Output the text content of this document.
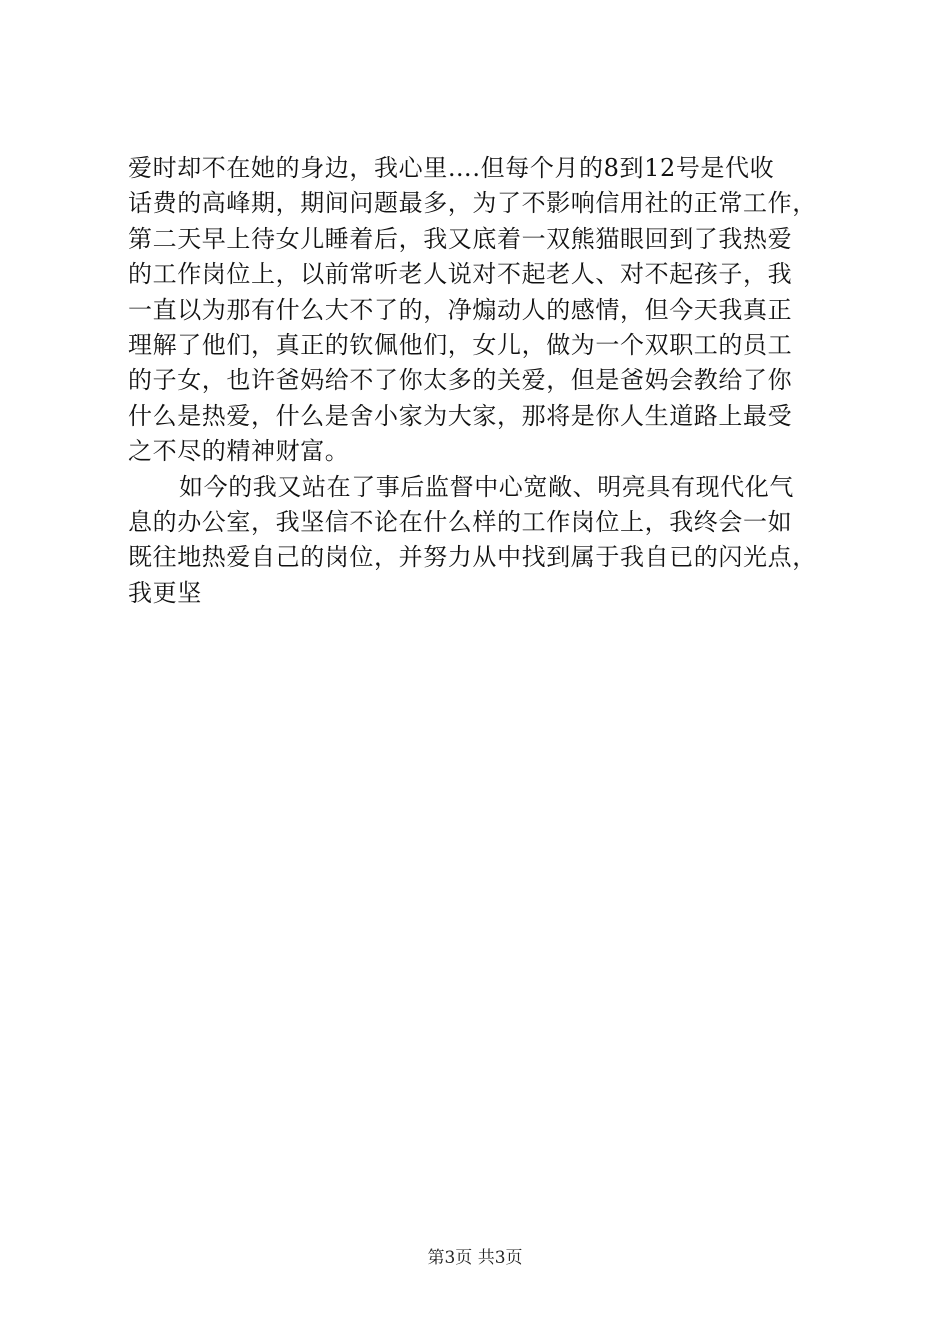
爱时却不在她的身边，我心里….但每个月的8到12号是代收
话费的高峰期，期间问题最多，为了不影响信用社的正常工作，
第二天早上待女儿睡着后，我又底着一双熊猫眼回到了我热爱
的工作岗位上，以前常听老人说对不起老人、对不起孩子，我
一直以为那有什么大不了的，净煽动人的感情，但今天我真正
理解了他们，真正的钦佩他们，女儿，做为一个双职工的员工
的子女，也许爸妈给不了你太多的关爱，但是爸妈会教给了你
什么是热爱，什么是舍小家为大家，那将是你人生道路上最受
之不尽的精神财富。
如今的我又站在了事后监督中心宽敞、明亮具有现代化气
息的办公室，我坚信不论在什么样的工作岗位上，我终会一如
既往地热爱自己的岗位，并努力从中找到属于我自已的闪光点，
我更坚
第3页 共3页
